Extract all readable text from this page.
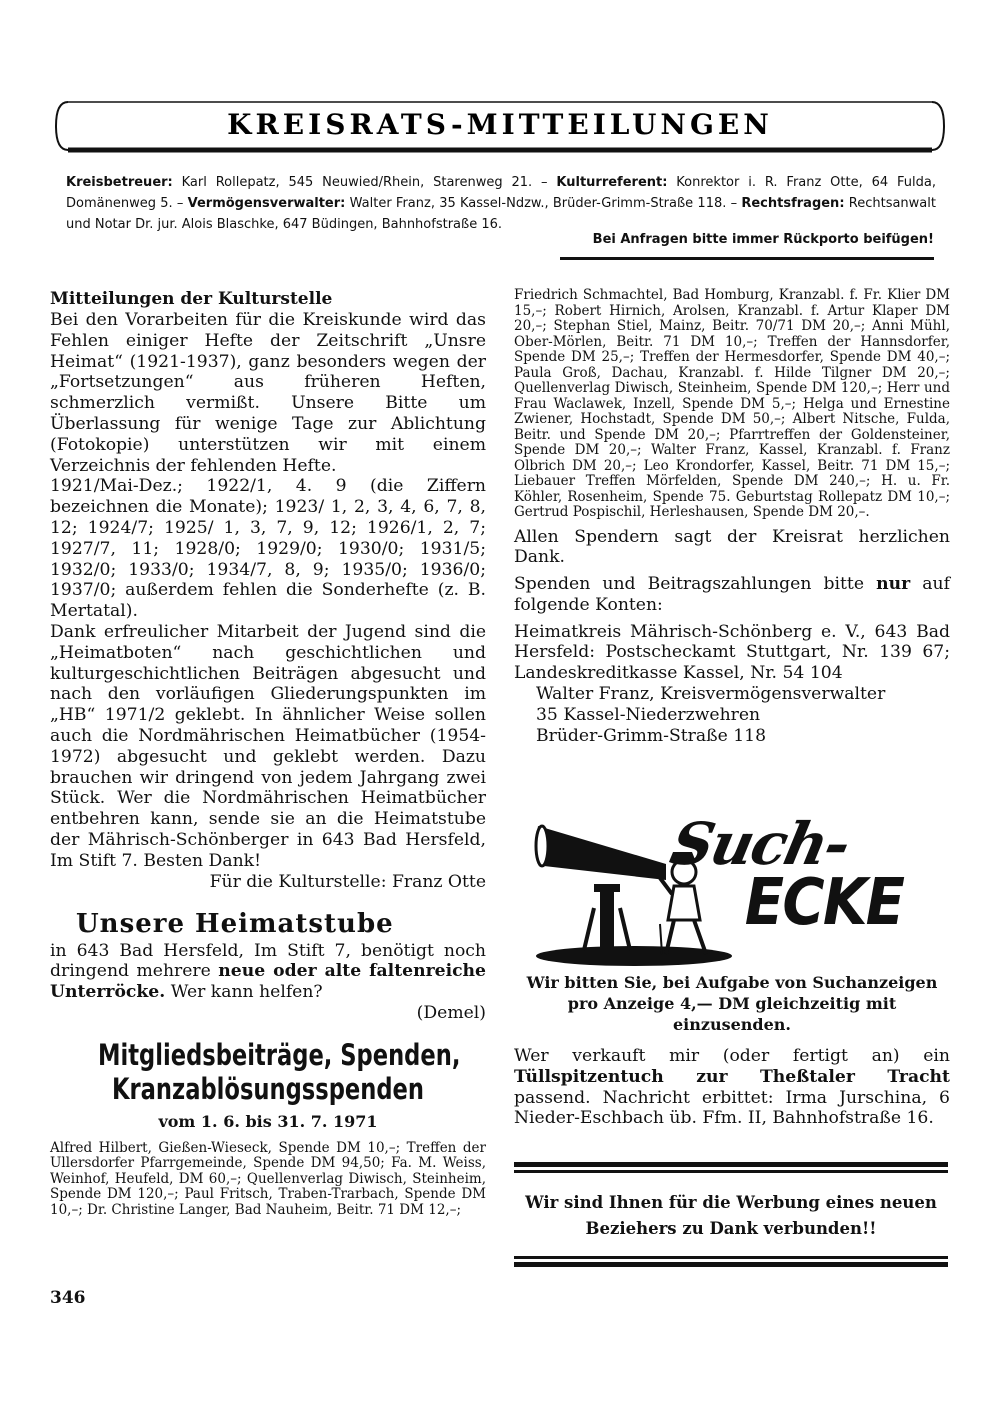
KREISRATS-MITTEILUNGEN
Kreisbetreuer: Karl Rollepatz, 545 Neuwied/Rhein, Starenweg 21. – Kulturreferent: Konrektor i. R. Franz Otte, 64 Fulda, Domänenweg 5. – Vermögensverwalter: Walter Franz, 35 Kassel-Ndzw., Brüder-Grimm-Straße 118. – Rechtsfragen: Rechtsanwalt und Notar Dr. jur. Alois Blaschke, 647 Büdingen, Bahnhofstraße 16.
Bei Anfragen bitte immer Rückporto beifügen!
Mitteilungen der Kulturstelle

Bei den Vorarbeiten für die Kreiskunde wird das Fehlen einiger Hefte der Zeitschrift „Unsre Heimat“ (1921-1937), ganz besonders wegen der „Fortsetzungen“ aus früheren Heften, schmerzlich vermißt. Unsere Bitte um Überlassung für wenige Tage zur Ablichtung (Fotokopie) unterstützen wir mit einem Verzeichnis der fehlenden Hefte.

1921/Mai-Dez.; 1922/1, 4. 9 (die Ziffern bezeichnen die Monate); 1923/ 1, 2, 3, 4, 6, 7, 8, 12; 1924/7; 1925/ 1, 3, 7, 9, 12; 1926/1, 2, 7; 1927/7, 11; 1928/0; 1929/0; 1930/0; 1931/5; 1932/0; 1933/0; 1934/7, 8, 9; 1935/0; 1936/0; 1937/0; außerdem fehlen die Sonderhefte (z. B. Mertatal).

Dank erfreulicher Mitarbeit der Jugend sind die „Heimatboten“ nach geschichtlichen und kulturgeschichtlichen Beiträgen abgesucht und nach den vorläufigen Gliederungspunkten im „HB“ 1971/2 geklebt. In ähnlicher Weise sollen auch die Nordmährischen Heimatbücher (1954-1972) abgesucht und geklebt werden. Dazu brauchen wir dringend von jedem Jahrgang zwei Stück. Wer die Nordmährischen Heimatbücher entbehren kann, sende sie an die Heimatstube der Mährisch-Schönberger in 643 Bad Hersfeld, Im Stift 7. Besten Dank!

Für die Kulturstelle: Franz Otte
Unsere Heimatstube
in 643 Bad Hersfeld, Im Stift 7, benötigt noch dringend mehrere neue oder alte faltenreiche Unterröcke. Wer kann helfen?
(Demel)
Mitgliedsbeiträge, Spenden,
Kranzablösungsspenden
vom 1. 6. bis 31. 7. 1971
Alfred Hilbert, Gießen-Wieseck, Spende DM 10,–; Treffen der Ullersdorfer Pfarrgemeinde, Spende DM 94,50; Fa. M. Weiss, Weinhof, Heufeld, DM 60,–; Quellenverlag Diwisch, Steinheim, Spende DM 120,–; Paul Fritsch, Traben-Trarbach, Spende DM 10,–; Dr. Christine Langer, Bad Nauheim, Beitr. 71 DM 12,–;
346
Friedrich Schmachtel, Bad Homburg, Kranzabl. f. Fr. Klier DM 15,–; Robert Hirnich, Arolsen, Kranzabl. f. Artur Klaper DM 20,–; Stephan Stiel, Mainz, Beitr. 70/71 DM 20,–; Anni Mühl, Ober-Mörlen, Beitr. 71 DM 10,–; Treffen der Hannsdorfer, Spende DM 25,–; Treffen der Hermesdorfer, Spende DM 40,–; Paula Groß, Dachau, Kranzabl. f. Hilde Tilgner DM 20,–; Quellenverlag Diwisch, Steinheim, Spende DM 120,–; Herr und Frau Waclawek, Inzell, Spende DM 5,–; Helga und Ernestine Zwiener, Hochstadt, Spende DM 50,–; Albert Nitsche, Fulda, Beitr. und Spende DM 20,–; Pfarrtreffen der Goldensteiner, Spende DM 20,–; Walter Franz, Kassel, Kranzabl. f. Franz Olbrich DM 20,–; Leo Krondorfer, Kassel, Beitr. 71 DM 15,–; Liebauer Treffen Mörfelden, Spende DM 240,–; H. u. Fr. Köhler, Rosenheim, Spende 75. Geburtstag Rollepatz DM 10,–; Gertrud Pospischil, Herleshausen, Spende DM 20,–.

Allen Spendern sagt der Kreisrat herzlichen Dank.

Spenden und Beitragszahlungen bitte nur auf folgende Konten:

Heimatkreis Mährisch-Schönberg e. V., 643 Bad Hersfeld: Postscheckamt Stuttgart, Nr. 139 67; Landeskreditkasse Kassel, Nr. 54 104

Walter Franz, Kreisvermögensverwalter
35 Kassel-Niederzwehren
Brüder-Grimm-Straße 118
Such-
ECKE
Wir bitten Sie, bei Aufgabe von Suchanzeigen pro Anzeige 4,— DM gleichzeitig mit einzusenden.
Wer verkauft mir (oder fertigt an) ein Tüllspitzentuch zur Theßtaler Tracht passend. Nachricht erbittet: Irma Jurschina, 6 Nieder-Eschbach üb. Ffm. II, Bahnhofstraße 16.
Wir sind Ihnen für die Werbung eines neuen Beziehers zu Dank verbunden!!
